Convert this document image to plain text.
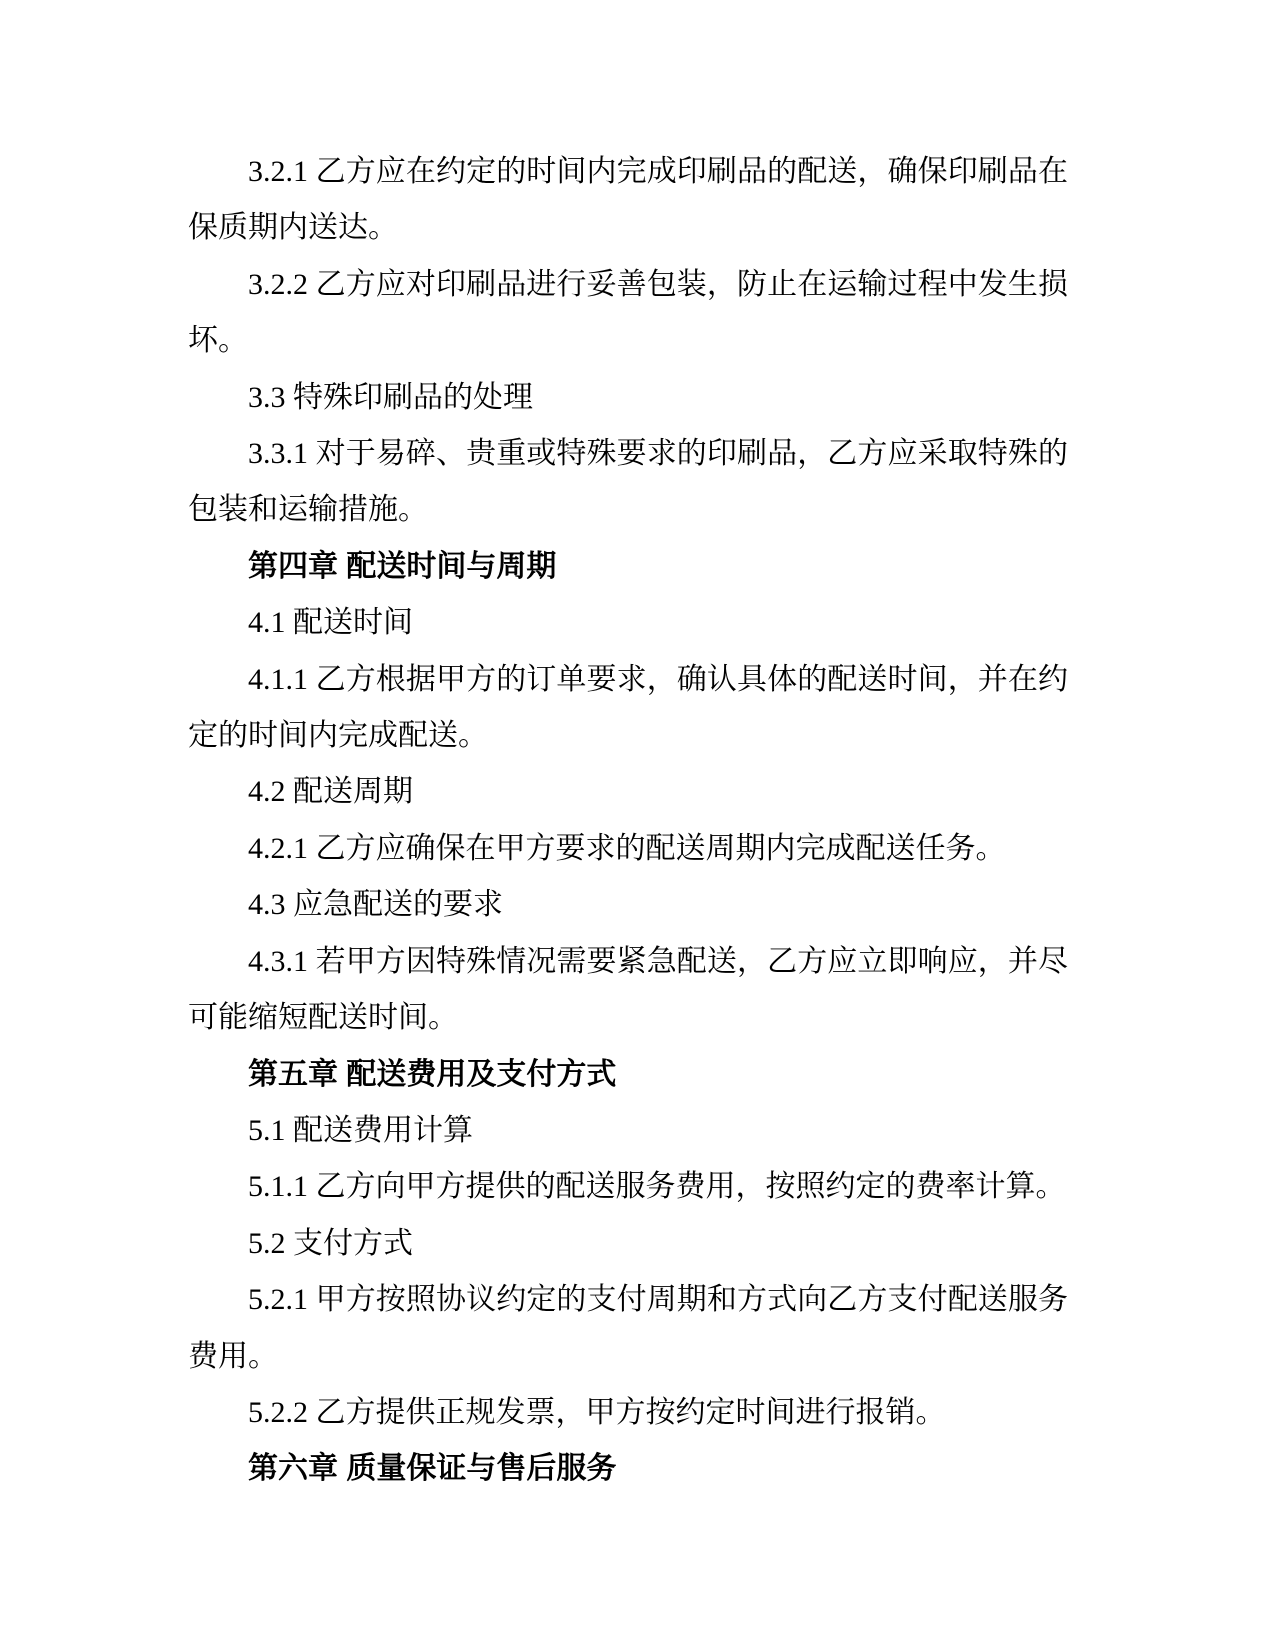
3.2.1 乙方应在约定的时间内完成印刷品的配送，确保印刷品在保质期内送达。

3.2.2 乙方应对印刷品进行妥善包装，防止在运输过程中发生损坏。

3.3 特殊印刷品的处理

3.3.1 对于易碎、贵重或特殊要求的印刷品，乙方应采取特殊的包装和运输措施。

第四章 配送时间与周期

4.1 配送时间

4.1.1 乙方根据甲方的订单要求，确认具体的配送时间，并在约定的时间内完成配送。

4.2 配送周期

4.2.1 乙方应确保在甲方要求的配送周期内完成配送任务。

4.3 应急配送的要求

4.3.1 若甲方因特殊情况需要紧急配送，乙方应立即响应，并尽可能缩短配送时间。

第五章 配送费用及支付方式

5.1 配送费用计算

5.1.1 乙方向甲方提供的配送服务费用，按照约定的费率计算。

5.2 支付方式

5.2.1 甲方按照协议约定的支付周期和方式向乙方支付配送服务费用。

5.2.2 乙方提供正规发票，甲方按约定时间进行报销。

第六章 质量保证与售后服务
